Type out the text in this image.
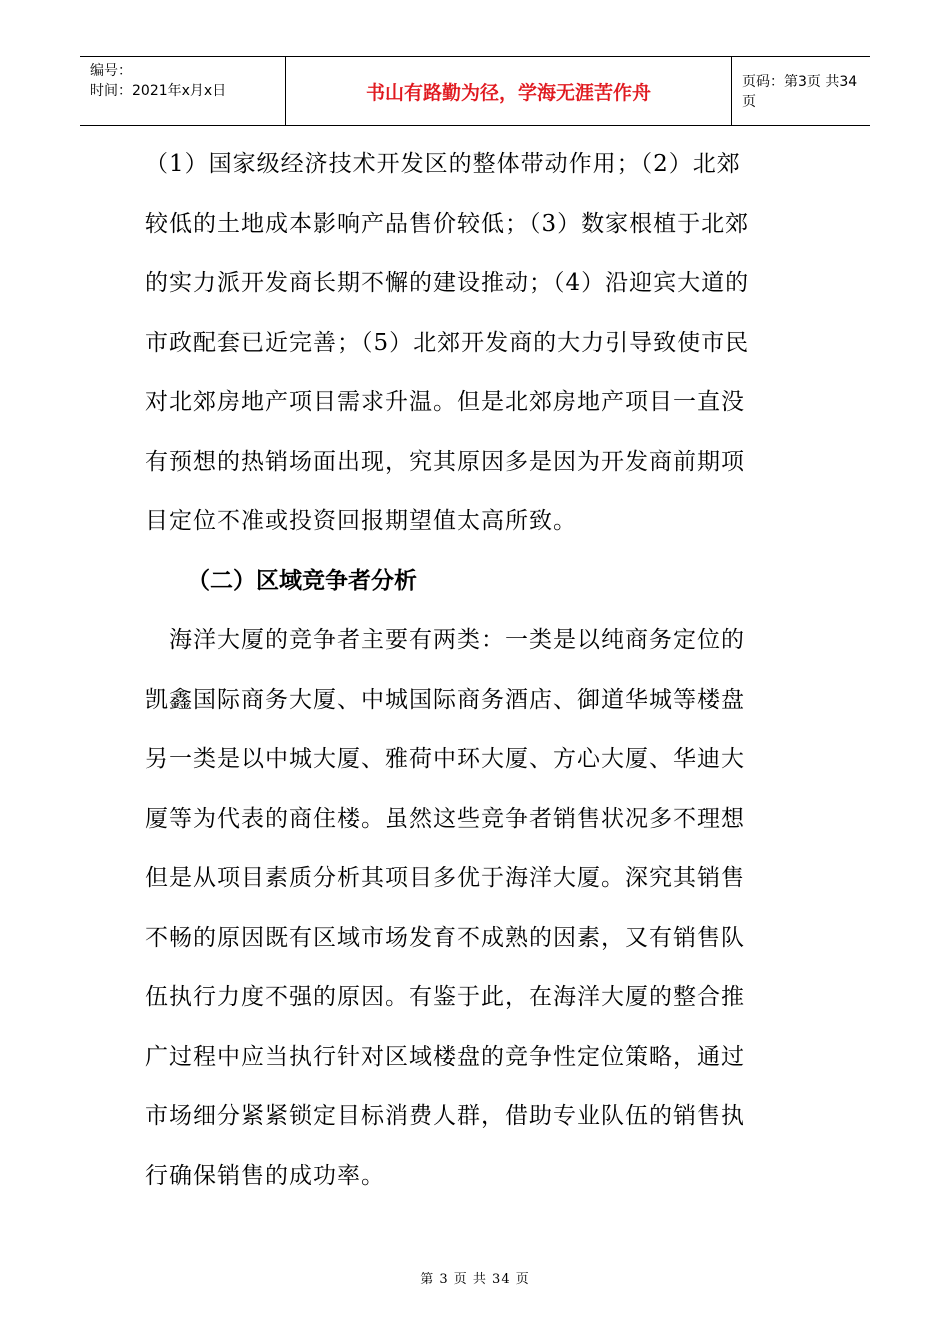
编号：
时间：2021年x月x日	书山有路勤为径，学海无涯苦作舟	页码：第3页 共34页

（1）国家级经济技术开发区的整体带动作用；（2）北郊
较低的土地成本影响产品售价较低；（3）数家根植于北郊
的实力派开发商长期不懈的建设推动；（4）沿迎宾大道的
市政配套已近完善；（5）北郊开发商的大力引导致使市民
对北郊房地产项目需求升温。但是北郊房地产项目一直没
有预想的热销场面出现，究其原因多是因为开发商前期项
目定位不准或投资回报期望值太高所致。

（二）区域竞争者分析

　海洋大厦的竞争者主要有两类：一类是以纯商务定位的
凯鑫国际商务大厦、中城国际商务酒店、御道华城等楼盘
另一类是以中城大厦、雅荷中环大厦、方心大厦、华迪大
厦等为代表的商住楼。虽然这些竞争者销售状况多不理想
但是从项目素质分析其项目多优于海洋大厦。深究其销售
不畅的原因既有区域市场发育不成熟的因素，又有销售队
伍执行力度不强的原因。有鉴于此，在海洋大厦的整合推
广过程中应当执行针对区域楼盘的竞争性定位策略，通过
市场细分紧紧锁定目标消费人群，借助专业队伍的销售执
行确保销售的成功率。

第 3 页 共 34 页
